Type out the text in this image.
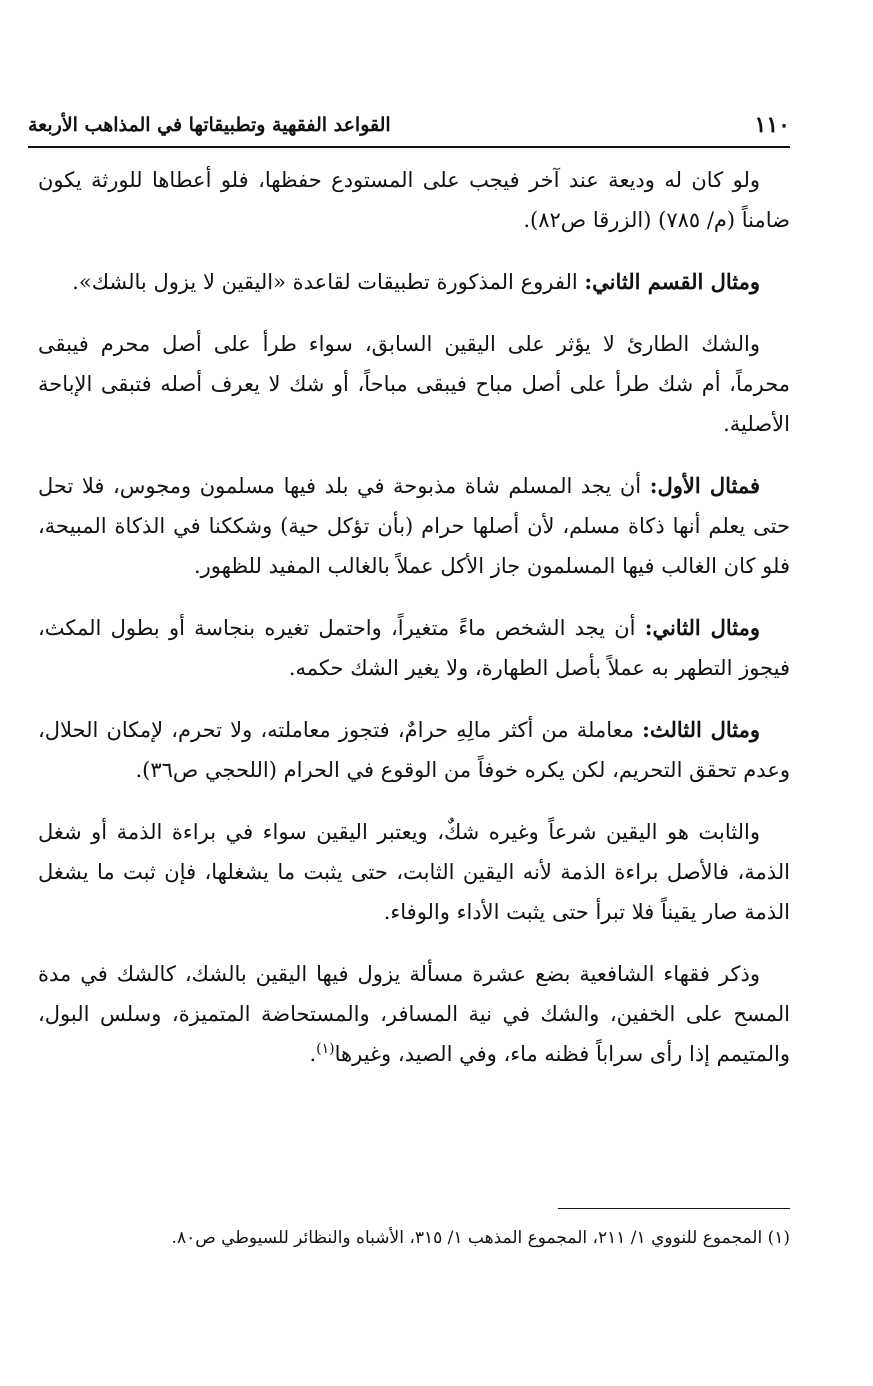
١١٠
القواعد الفقهية وتطبيقاتها في المذاهب الأربعة

ولو كان له وديعة عند آخر فيجب على المستودع حفظها، فلو أعطاها للورثة يكون ضامناً (م/ ٧٨٥) (الزرقا ص٨٢).

ومثال القسم الثاني: الفروع المذكورة تطبيقات لقاعدة «اليقين لا يزول بالشك».

والشك الطارئ لا يؤثر على اليقين السابق، سواء طرأ على أصل محرم فيبقى محرماً، أم شك طرأ على أصل مباح فيبقى مباحاً، أو شك لا يعرف أصله فتبقى الإباحة الأصلية.

فمثال الأول: أن يجد المسلم شاة مذبوحة في بلد فيها مسلمون ومجوس، فلا تحل حتى يعلم أنها ذكاة مسلم، لأن أصلها حرام (بأن تؤكل حية) وشككنا في الذكاة المبيحة، فلو كان الغالب فيها المسلمون جاز الأكل عملاً بالغالب المفيد للظهور.

ومثال الثاني: أن يجد الشخص ماءً متغيراً، واحتمل تغيره بنجاسة أو بطول المكث، فيجوز التطهر به عملاً بأصل الطهارة، ولا يغير الشك حكمه.

ومثال الثالث: معاملة من أكثر مالِهِ حرامٌ، فتجوز معاملته، ولا تحرم، لإمكان الحلال، وعدم تحقق التحريم، لكن يكره خوفاً من الوقوع في الحرام (اللحجي ص٣٦).

والثابت هو اليقين شرعاً وغيره شكٌ، ويعتبر اليقين سواء في براءة الذمة أو شغل الذمة، فالأصل براءة الذمة لأنه اليقين الثابت، حتى يثبت ما يشغلها، فإن ثبت ما يشغل الذمة صار يقيناً فلا تبرأ حتى يثبت الأداء والوفاء.

وذكر فقهاء الشافعية بضع عشرة مسألة يزول فيها اليقين بالشك، كالشك في مدة المسح على الخفين، والشك في نية المسافر، والمستحاضة المتميزة، وسلس البول، والمتيمم إذا رأى سراباً فظنه ماء، وفي الصيد، وغيرها$^{(١)}$.

(١) المجموع للنووي ١/ ٢١١، المجموع المذهب ١/ ٣١٥، الأشباه والنظائر للسيوطي ص٨٠.
